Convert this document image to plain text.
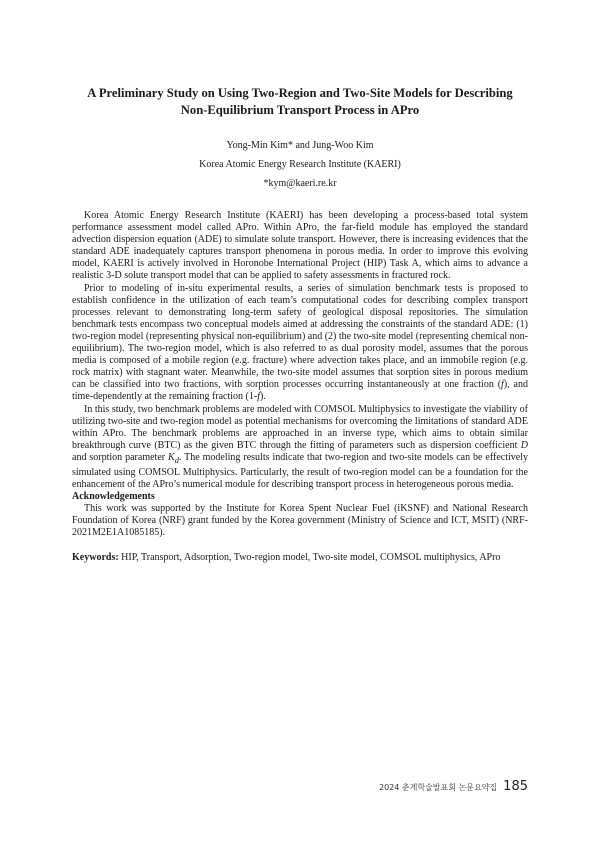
A Preliminary Study on Using Two-Region and Two-Site Models for Describing
Non-Equilibrium Transport Process in APro
Yong-Min Kim* and Jung-Woo Kim
Korea Atomic Energy Research Institute (KAERI)
*kym@kaeri.re.kr

Korea Atomic Energy Research Institute (KAERI) has been developing a process-based total system performance assessment model called APro. Within APro, the far-field module has employed the standard advection dispersion equation (ADE) to simulate solute transport. However, there is increasing evidences that the standard ADE inadequately captures transport phenomena in porous media. In order to improve this evolving model, KAERI is actively involved in Horonobe International Project (HIP) Task A, which aims to advance a realistic 3-D solute transport model that can be applied to safety assessments in fractured rock.

Prior to modeling of in-situ experimental results, a series of simulation benchmark tests is proposed to establish confidence in the utilization of each team’s computational codes for describing complex transport processes relevant to demonstrating long-term safety of geological disposal repositories. The simulation benchmark tests encompass two conceptual models aimed at addressing the constraints of the standard ADE: (1) two-region model (representing physical non-equilibrium) and (2) the two-site model (representing chemical non-equilibrium). The two-region model, which is also referred to as dual porosity model, assumes that the porous media is composed of a mobile region (e.g. fracture) where advection takes place, and an immobile region (e.g. rock matrix) with stagnant water. Meanwhile, the two-site model assumes that sorption sites in porous medium can be classified into two fractions, with sorption processes occurring instantaneously at one fraction (f), and time-dependently at the remaining fraction (1-f).

In this study, two benchmark problems are modeled with COMSOL Multiphysics to investigate the viability of utilizing two-site and two-region model as potential mechanisms for overcoming the limitations of standard ADE within APro. The benchmark problems are approached in an inverse type, which aims to obtain similar breakthrough curve (BTC) as the given BTC through the fitting of parameters such as dispersion coefficient D and sorption parameter $K_d$. The modeling results indicate that two-region and two-site models can be effectively simulated using COMSOL Multiphysics. Particularly, the result of two-region model can be a foundation for the enhancement of the APro’s numerical module for describing transport process in heterogeneous porous media.

Acknowledgements

This work was supported by the Institute for Korea Spent Nuclear Fuel (iKSNF) and National Research Foundation of Korea (NRF) grant funded by the Korea government (Ministry of Science and ICT, MSIT) (NRF-2021M2E1A1085185).

Keywords: HIP, Transport, Adsorption, Two-region model, Two-site model, COMSOL multiphysics, APro

2024 춘계학술발표회 논문요약집 185
